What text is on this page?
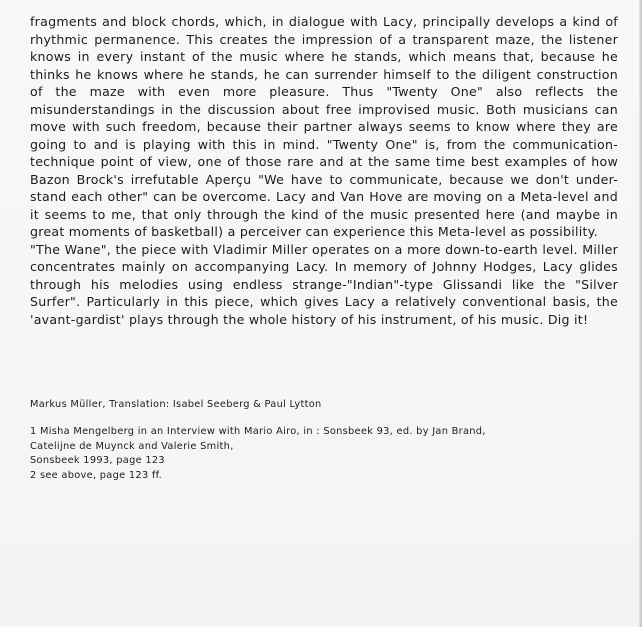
fragments and block chords, which, in dialogue with Lacy, principally develops a kind of rhythmic permanence. This creates the impression of a transparent maze, the listener knows in every instant of the music where he stands, which means that, because he thinks he knows where he stands, he can surrender himself to the diligent construction of the maze with even more pleasure. Thus "Twenty One" also reflects the misunderstandings in the discussion about free improvised music. Both musicians can move with such freedom, because their partner always seems to know where they are going to and is playing with this in mind. "Twenty One" is, from the communication-technique point of view, one of those rare and at the same time best examples of how Bazon Brock's irrefutable Aperçu "We have to communicate, because we don't under-stand each other" can be overcome. Lacy and Van Hove are moving on a Meta-level and it seems to me, that only through the kind of the music presented here (and maybe in great moments of basketball) a perceiver can experience this Meta-level as possibility.

"The Wane", the piece with Vladimir Miller operates on a more down-to-earth level. Miller concentrates mainly on accompanying Lacy. In memory of Johnny Hodges, Lacy glides through his melodies using endless strange-"Indian"-type Glissandi like the "Silver Surfer". Particularly in this piece, which gives Lacy a relatively conventional basis, the 'avant-gardist' plays through the whole history of his instrument, of his music. Dig it!

Markus Müller, Translation: Isabel Seeberg & Paul Lytton
1 Misha Mengelberg in an Interview with Mario Airo, in : Sonsbeek 93, ed. by Jan Brand,
Catelijne de Muynck and Valerie Smith,
Sonsbeek 1993, page 123
2 see above, page 123 ff.
